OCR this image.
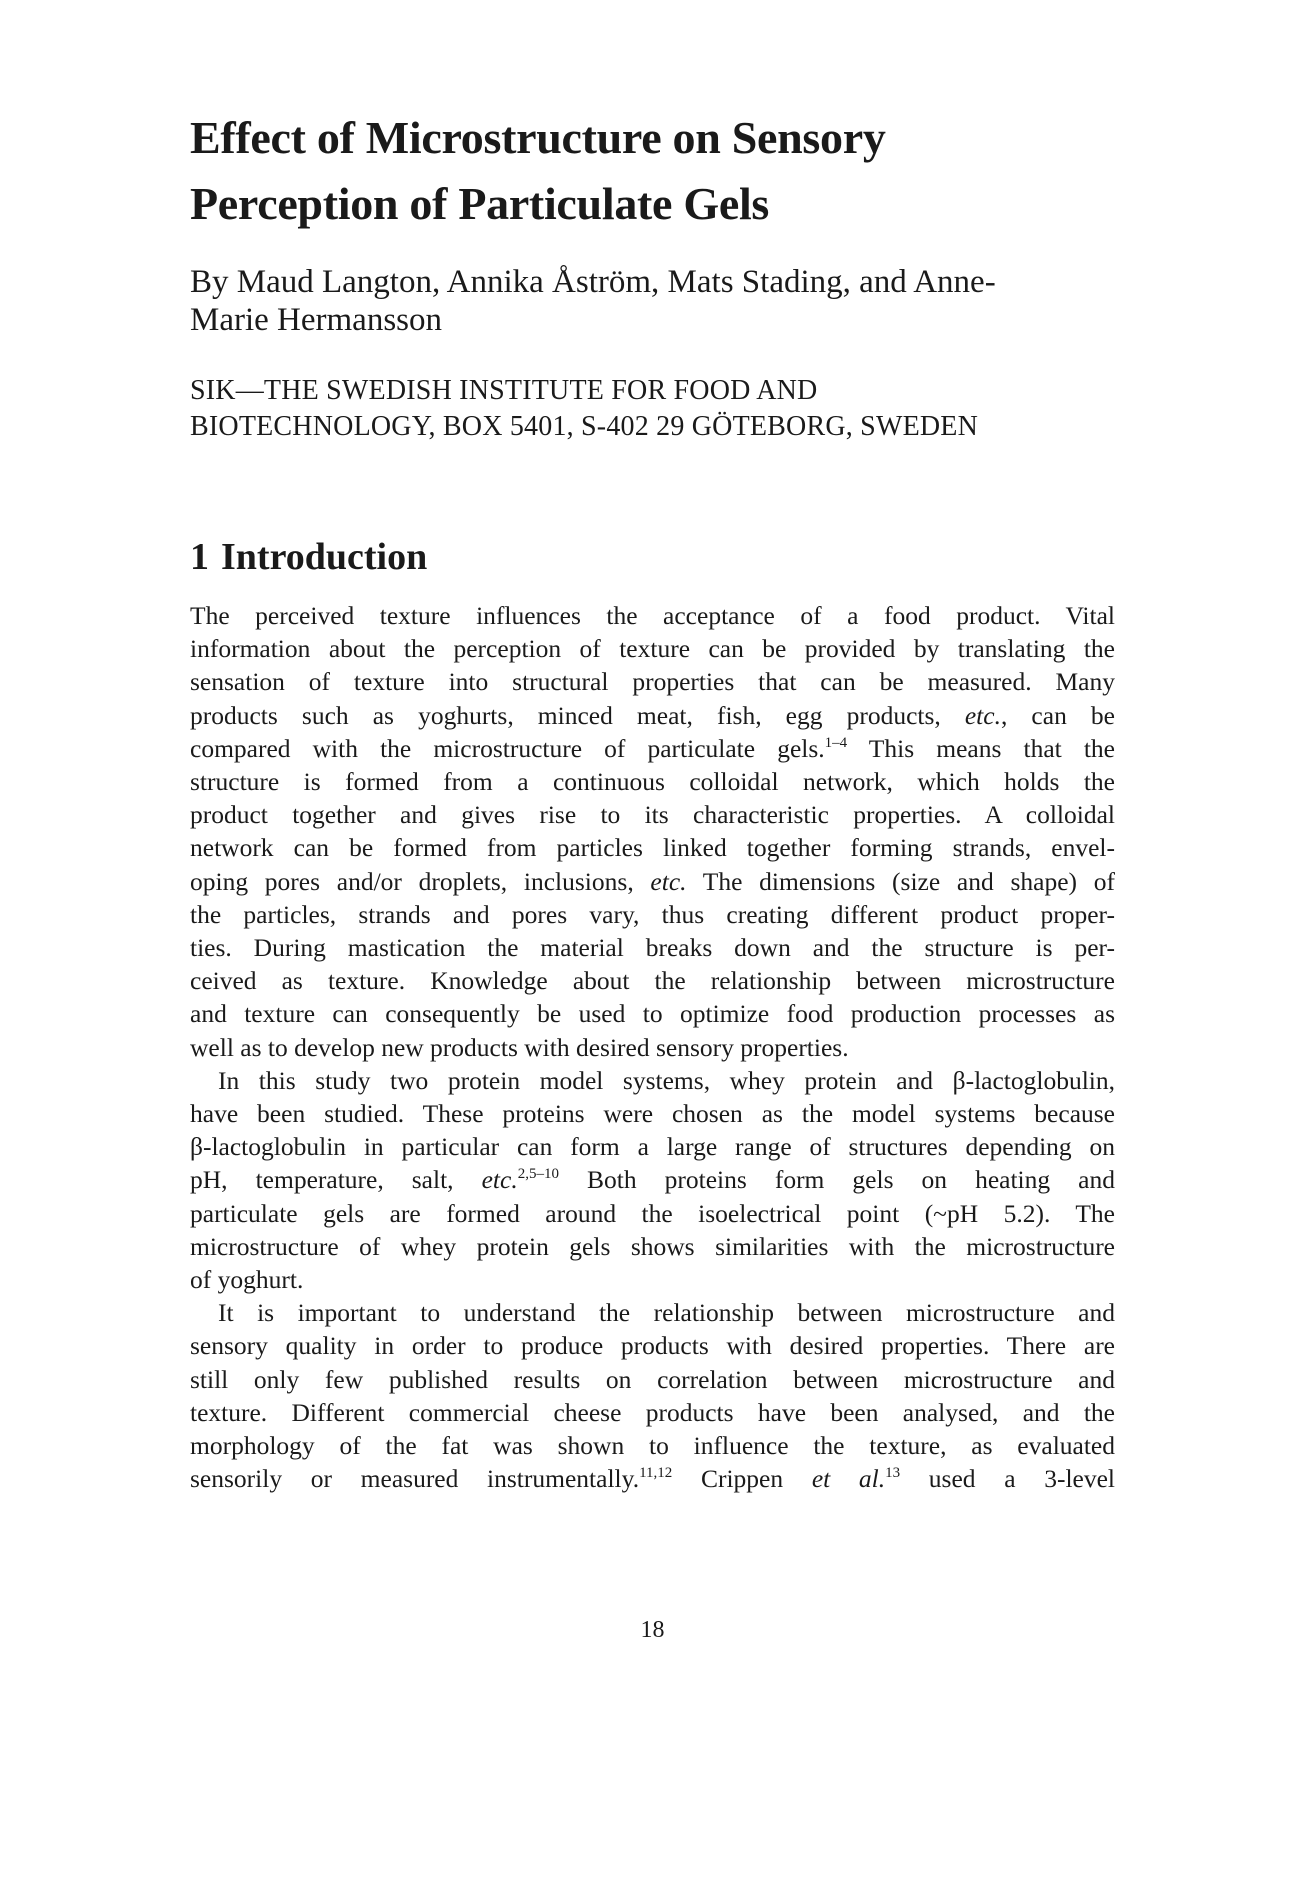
Effect of Microstructure on Sensory
Perception of Particulate Gels
By Maud Langton, Annika Åström, Mats Stading, and Anne-
Marie Hermansson
SIK—THE SWEDISH INSTITUTE FOR FOOD AND
BIOTECHNOLOGY, BOX 5401, S-402 29 GÖTEBORG, SWEDEN
1 Introduction
The perceived texture influences the acceptance of a food product. Vital
information about the perception of texture can be provided by translating the
sensation of texture into structural properties that can be measured. Many
products such as yoghurts, minced meat, fish, egg products, etc., can be
compared with the microstructure of particulate gels.$^{1-4}$ This means that the
structure is formed from a continuous colloidal network, which holds the
product together and gives rise to its characteristic properties. A colloidal
network can be formed from particles linked together forming strands, envel-
oping pores and/or droplets, inclusions, etc. The dimensions (size and shape) of
the particles, strands and pores vary, thus creating different product proper-
ties. During mastication the material breaks down and the structure is per-
ceived as texture. Knowledge about the relationship between microstructure
and texture can consequently be used to optimize food production processes as
well as to develop new products with desired sensory properties.
In this study two protein model systems, whey protein and β-lactoglobulin,
have been studied. These proteins were chosen as the model systems because
β-lactoglobulin in particular can form a large range of structures depending on
pH, temperature, salt, etc.$^{2,5-10}$ Both proteins form gels on heating and
particulate gels are formed around the isoelectrical point (~pH 5.2). The
microstructure of whey protein gels shows similarities with the microstructure
of yoghurt.
It is important to understand the relationship between microstructure and
sensory quality in order to produce products with desired properties. There are
still only few published results on correlation between microstructure and
texture. Different commercial cheese products have been analysed, and the
morphology of the fat was shown to influence the texture, as evaluated
sensorily or measured instrumentally.$^{11,12}$ Crippen et al.$^{13}$ used a 3-level
18
